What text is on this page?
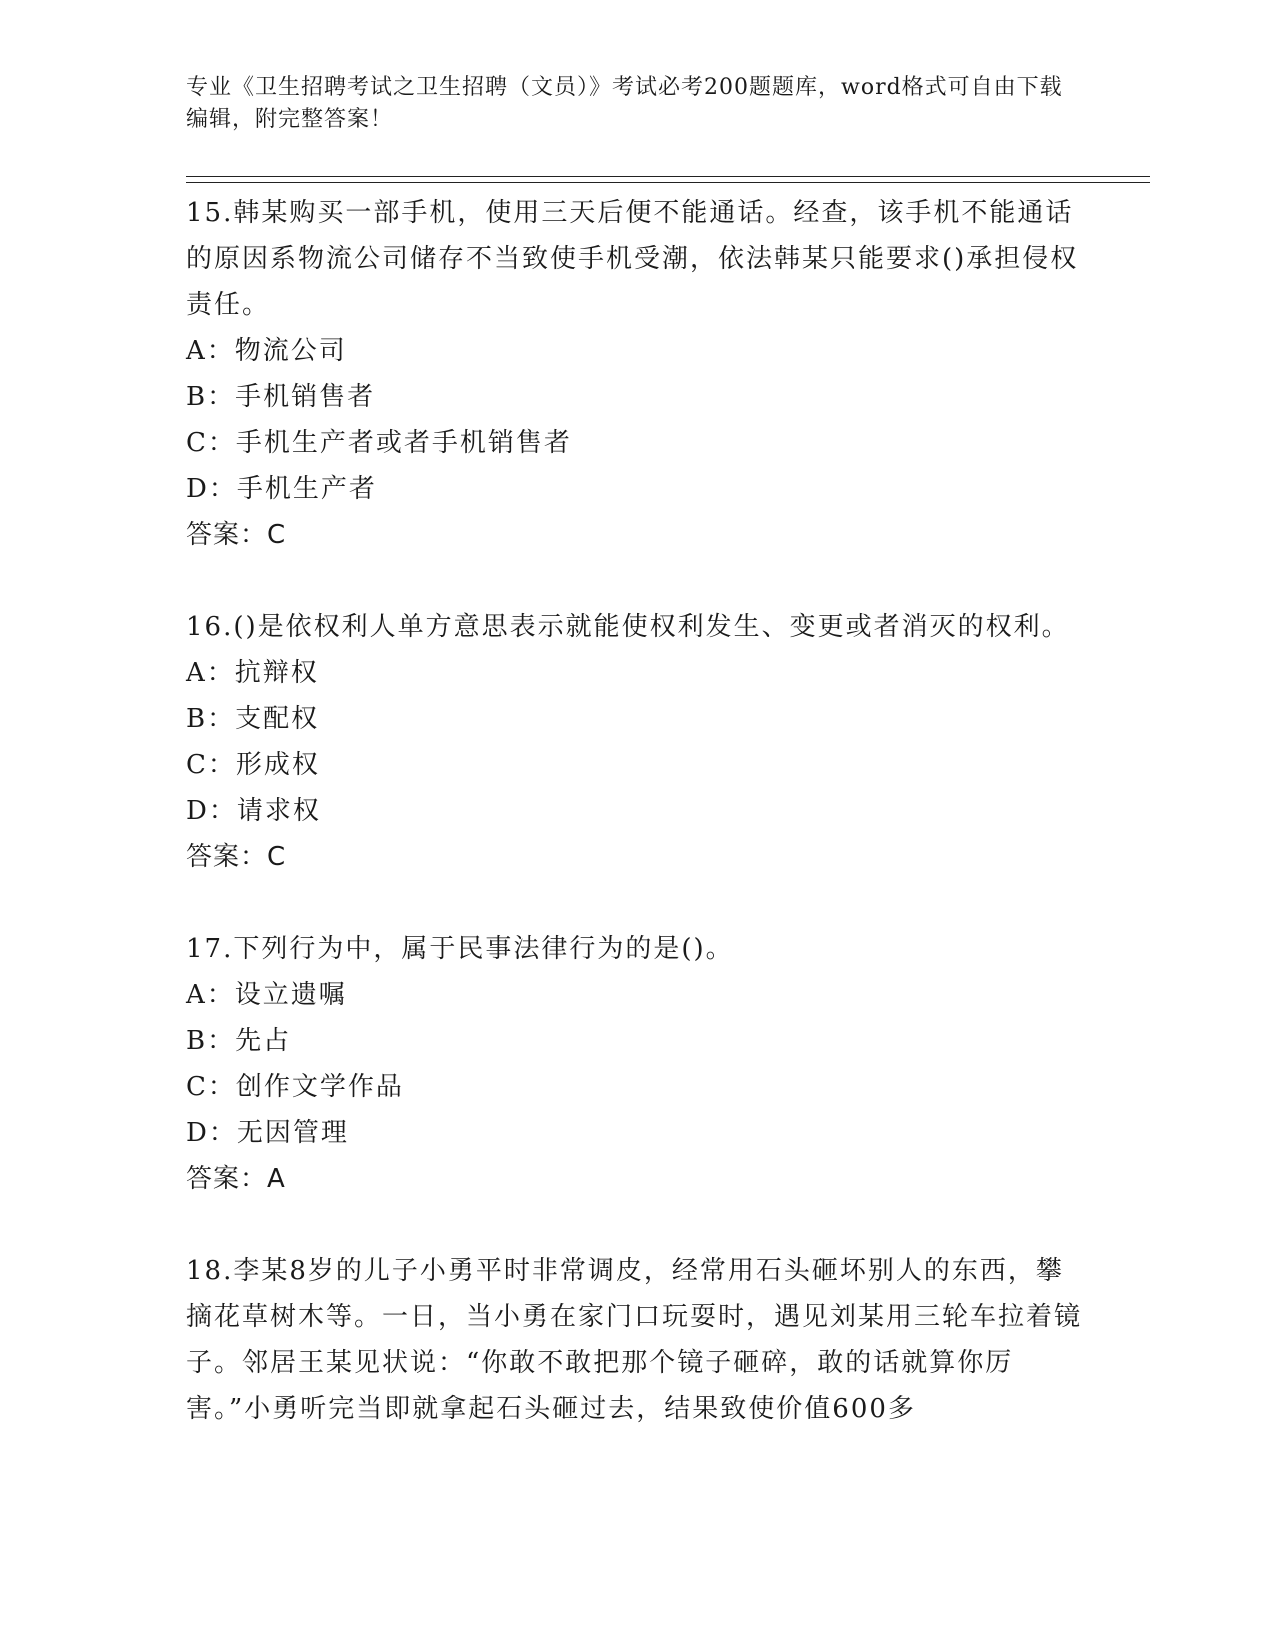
专业《卫生招聘考试之卫生招聘（文员）》考试必考200题题库，word格式可自由下载编辑，附完整答案！

15.韩某购买一部手机，使用三天后便不能通话。经查，该手机不能通话的原因系物流公司储存不当致使手机受潮，依法韩某只能要求()承担侵权责任。

A：物流公司

B：手机销售者

C：手机生产者或者手机销售者

D：手机生产者

答案：C

16.()是依权利人单方意思表示就能使权利发生、变更或者消灭的权利。

A：抗辩权

B：支配权

C：形成权

D：请求权

答案：C

17.下列行为中，属于民事法律行为的是()。

A：设立遗嘱

B：先占

C：创作文学作品

D：无因管理

答案：A

18.李某8岁的儿子小勇平时非常调皮，经常用石头砸坏别人的东西，攀摘花草树木等。一日，当小勇在家门口玩耍时，遇见刘某用三轮车拉着镜子。邻居王某见状说：“你敢不敢把那个镜子砸碎，敢的话就算你厉害。”小勇听完当即就拿起石头砸过去，结果致使价值600多
